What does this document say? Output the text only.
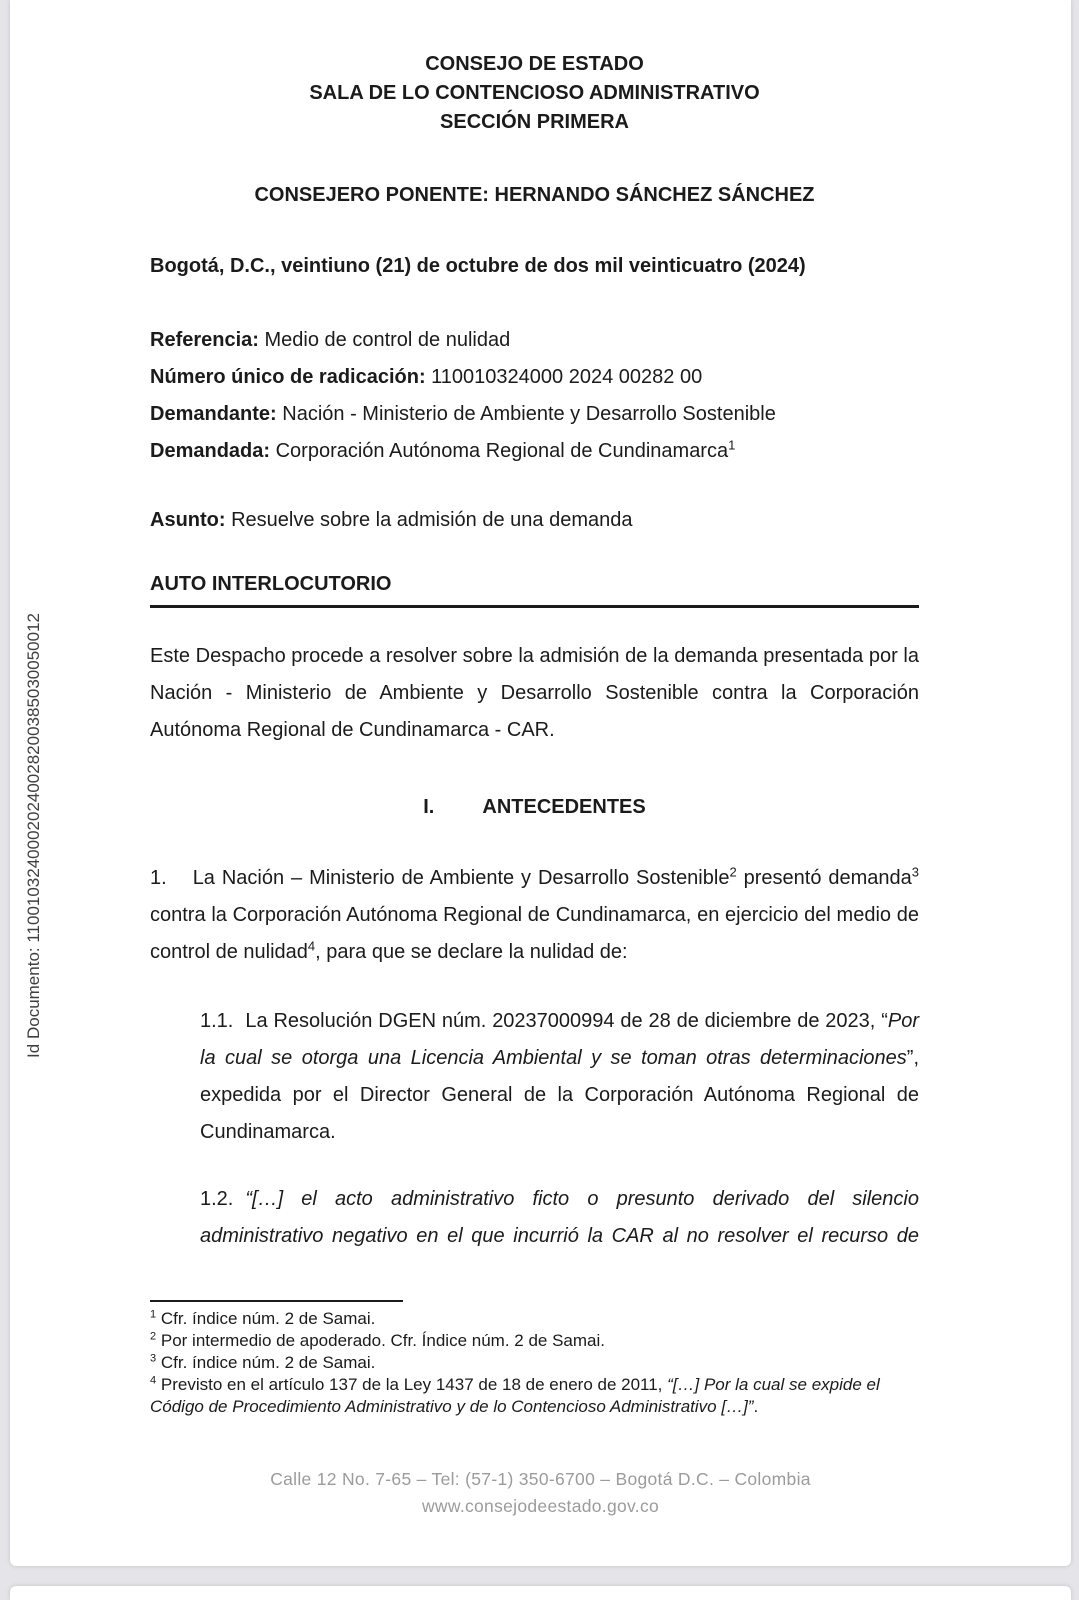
Id Documento: 11001032400020240028200385030050012
CONSEJO DE ESTADO
SALA DE LO CONTENCIOSO ADMINISTRATIVO
SECCIÓN PRIMERA
CONSEJERO PONENTE: HERNANDO SÁNCHEZ SÁNCHEZ
Bogotá, D.C., veintiuno (21) de octubre de dos mil veinticuatro (2024)
Referencia: Medio de control de nulidad
Número único de radicación: 110010324000 2024 00282 00
Demandante: Nación - Ministerio de Ambiente y Desarrollo Sostenible
Demandada: Corporación Autónoma Regional de Cundinamarca$^1$
Asunto: Resuelve sobre la admisión de una demanda
AUTO INTERLOCUTORIO

Este Despacho procede a resolver sobre la admisión de la demanda presentada por la Nación - Ministerio de Ambiente y Desarrollo Sostenible contra la Corporación Autónoma Regional de Cundinamarca - CAR.

I. ANTECEDENTES

1. La Nación – Ministerio de Ambiente y Desarrollo Sostenible$^2$ presentó demanda$^3$ contra la Corporación Autónoma Regional de Cundinamarca, en ejercicio del medio de control de nulidad$^4$, para que se declare la nulidad de:

1.1. La Resolución DGEN núm. 20237000994 de 28 de diciembre de 2023, “Por la cual se otorga una Licencia Ambiental y se toman otras determinaciones”, expedida por el Director General de la Corporación Autónoma Regional de Cundinamarca.

1.2. “[…] el acto administrativo ficto o presunto derivado del silencio administrativo negativo en el que incurrió la CAR al no resolver el recurso de

$^1$ Cfr. índice núm. 2 de Samai.
$^2$ Por intermedio de apoderado. Cfr. Índice núm. 2 de Samai.
$^3$ Cfr. índice núm. 2 de Samai.
$^4$ Previsto en el artículo 137 de la Ley 1437 de 18 de enero de 2011, “[…] Por la cual se expide el Código de Procedimiento Administrativo y de lo Contencioso Administrativo […]”.
Calle 12 No. 7-65 – Tel: (57-1) 350-6700 – Bogotá D.C. – Colombia
www.consejodeestado.gov.co
